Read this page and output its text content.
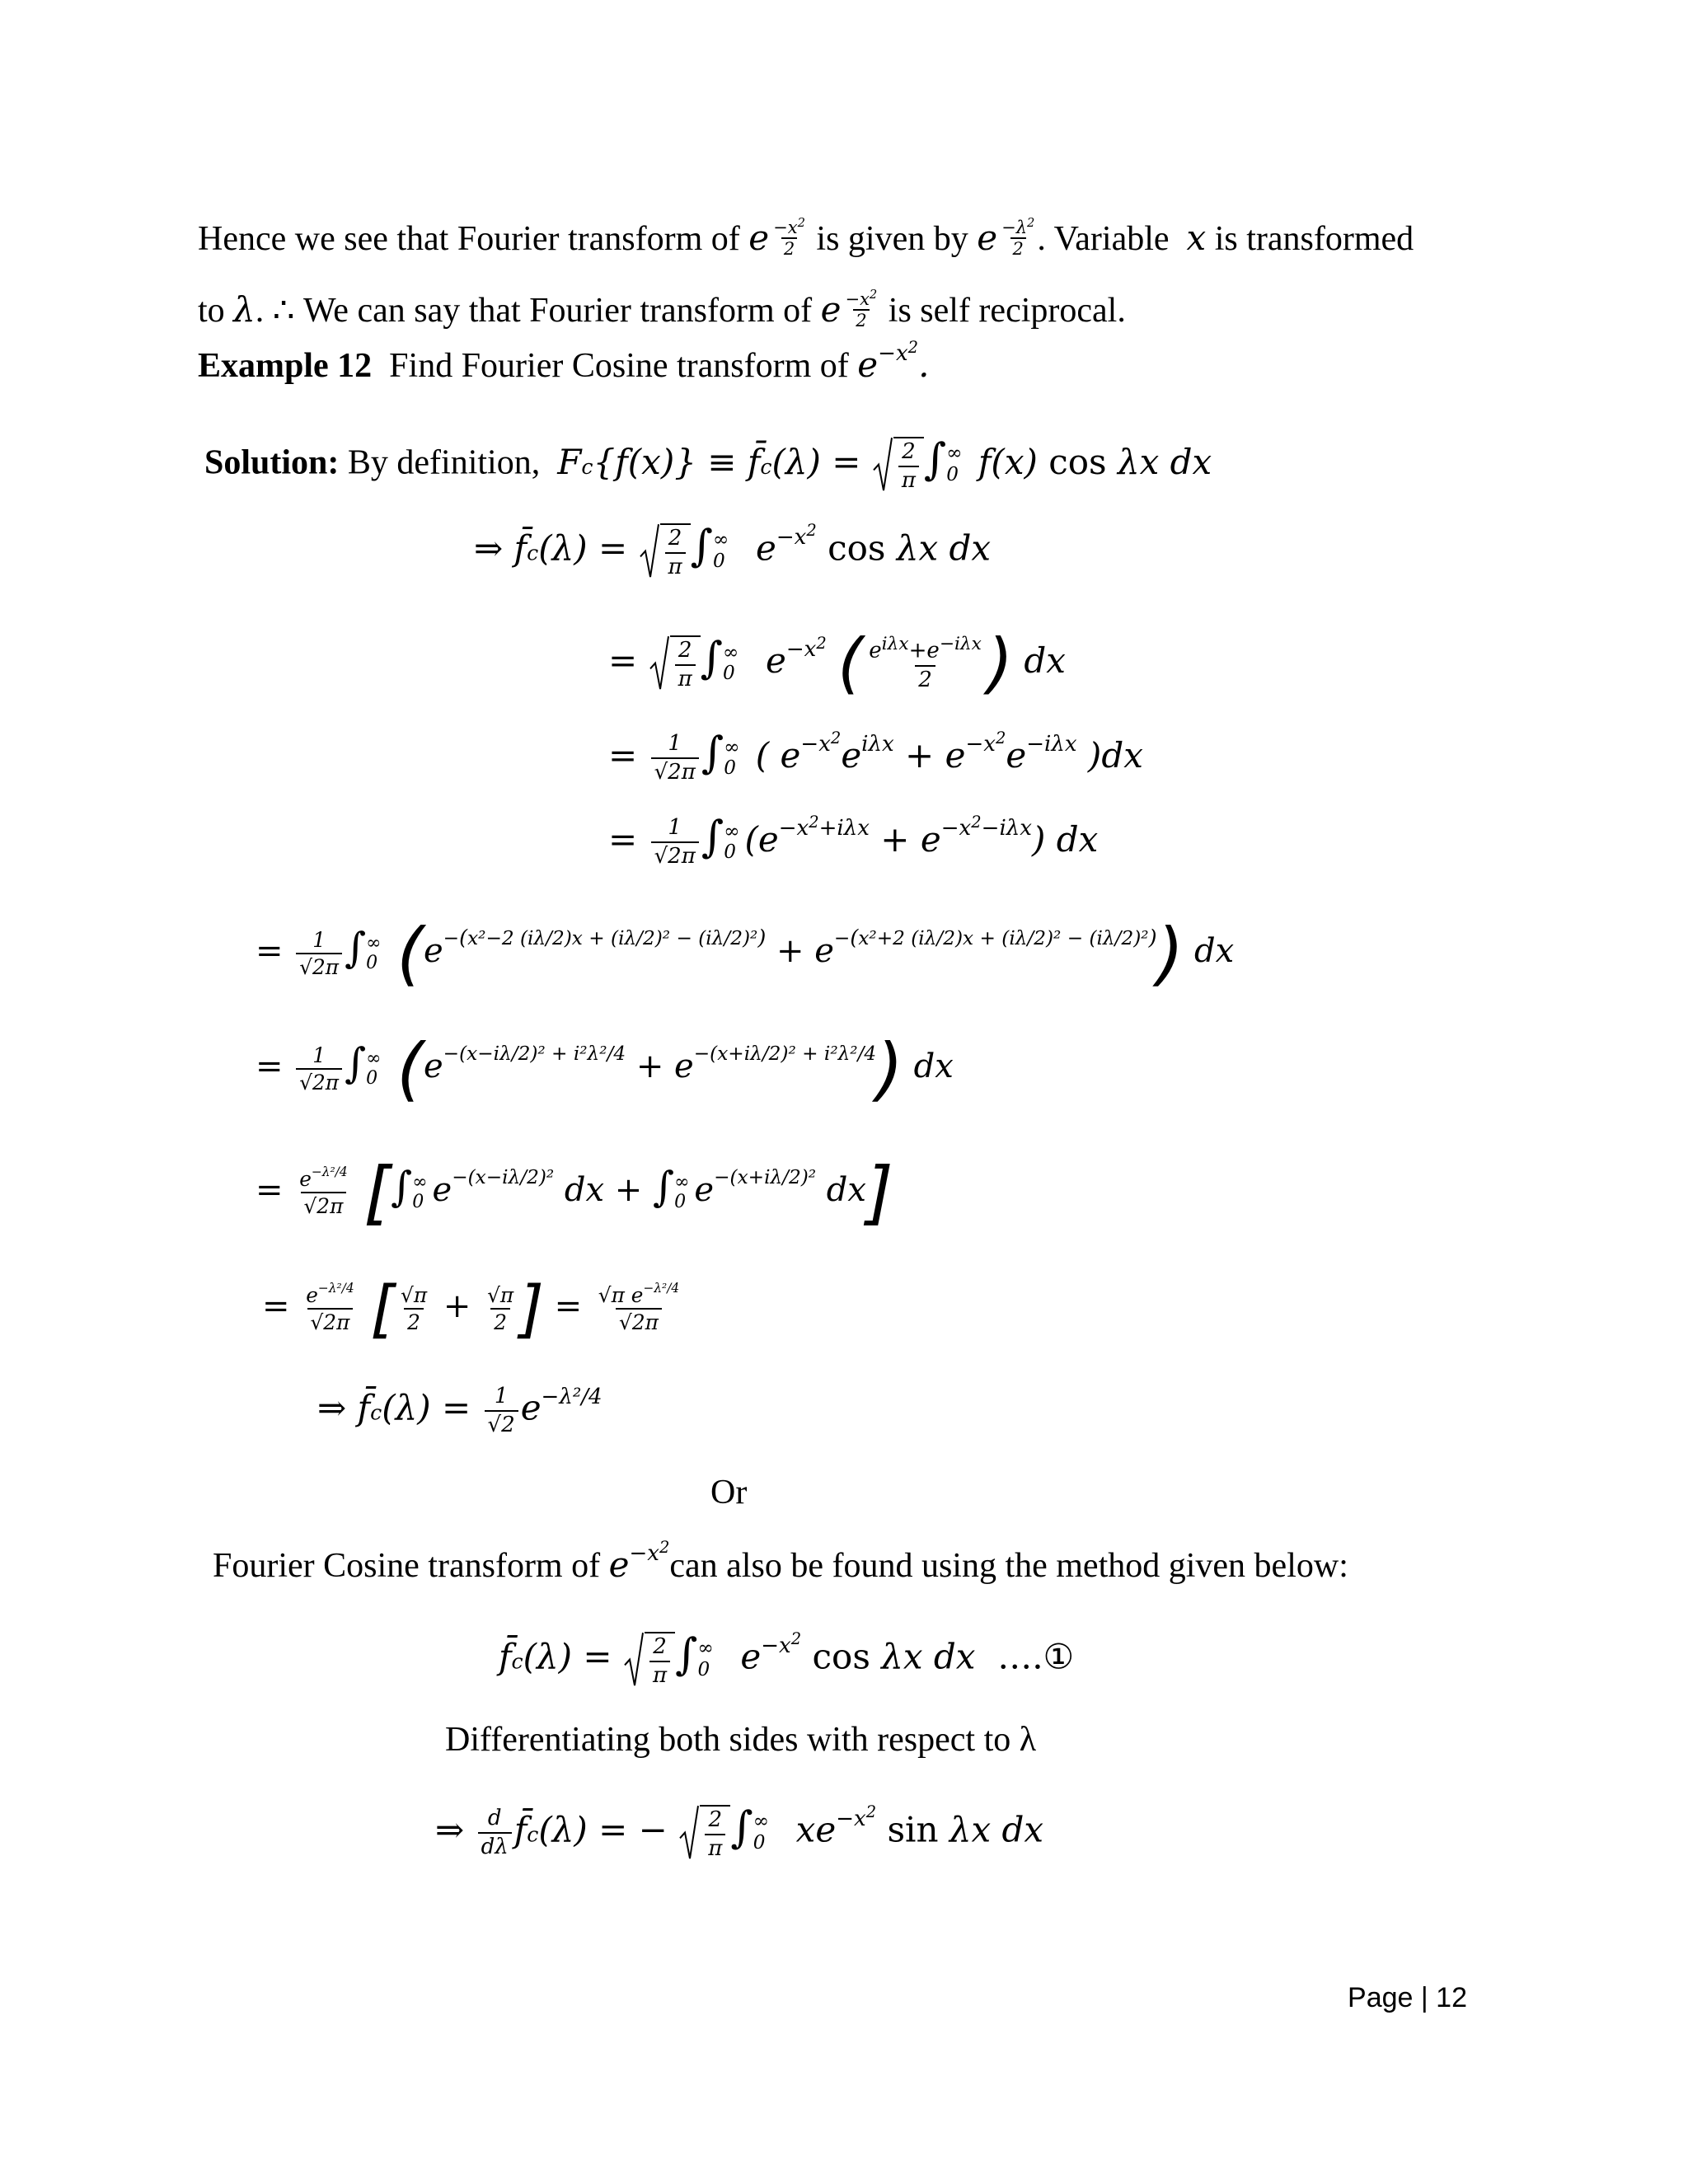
Hence we see that Fourier transform of e $\frac{-x^2}{2}$ is given by e $\frac{-\lambda^2}{2}$ . Variable x is transformed
to λ. ∴ We can say that Fourier transform of e $\frac{-x^2}{2}$ is self reciprocal.
Example 12 Find Fourier Cosine transform of $e^{-x^2}$.
Solution: By definition, Fc{f(x)} ≡ f̄c(λ) = $\frac{2}{\pi}$ ∫ ∞
0 f(x) cos λx dx
⇒ f̄c(λ) = $\frac{2}{\pi}$ ∫ ∞
0 $e^{-x^2}$ cos λx dx
= $\frac{2}{\pi}$ ∫ ∞
0 $e^{-x^2}$ ( $\frac{e^{i\lambda x}+e^{-i\lambda x}}{2}$ ) dx
= $\frac{1}{√2\pi}$ ∫ ∞
0 ( $e^{-x^2}e^{i\lambda x} + e^{-x^2}e^{-i\lambda x}$ )dx
= $\frac{1}{√2\pi}$ ∫ ∞
0 $(e^{-x^2+i\lambda x} + e^{-x^2-i\lambda x})$ dx
= $\frac{1}{√2\pi}$ ∫ ∞
0 $(e^{-(x^2-2 (i\lambda/2)x + (i\lambda/2)^2 - (i\lambda/2)^2)} + e^{-(x^2+2 (i\lambda/2)x + (i\lambda/2)^2 - (i\lambda/2)^2)})$ dx
= $\frac{1}{√2\pi}$ ∫ ∞
0 $(e^{-(x-i\lambda/2)^2 + i^2\lambda^2/4} + e^{-(x+i\lambda/2)^2 + i^2\lambda^2/4})$ dx
= $\frac{e^{-\lambda^2/4}}{√2\pi}$ [∫ ∞
0 $e^{-(x-i\lambda/2)^2}$ dx + ∫ ∞
0 $e^{-(x+i\lambda/2)^2}$ dx]
= $\frac{e^{-\lambda^2/4}}{√2\pi}$ [ $\frac{√\pi}{2} + \frac{√\pi}{2}$ ] = $\frac{√\pi e^{-\lambda^2/4}}{√2\pi}$
⇒ f̄c(λ) = $\frac{1}{√2} e^{-\lambda^2/4}$
Or
Fourier Cosine transform of $e^{-x^2}can$ also be found using the method given below:
f̄c(λ) = $\frac{2}{\pi}$ ∫ ∞
0 $e^{-x^2}$ cos λx dx  ….①
Differentiating both sides with respect to λ
⇒ $\frac{d}{d\lambda}$ f̄c(λ) = − $\frac{2}{\pi}$ ∫ ∞
0 $xe^{-x^2}$ sin λx dx
Page | 12
